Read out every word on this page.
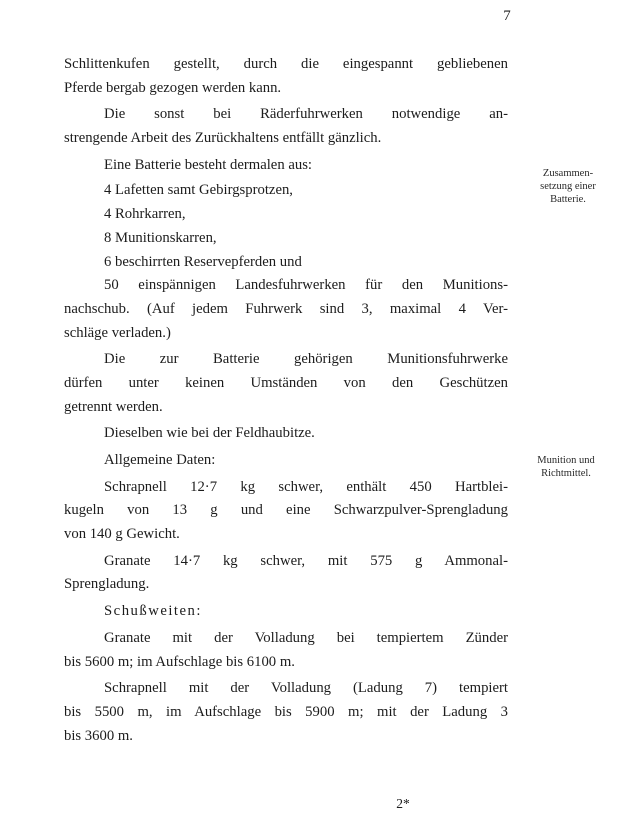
7
Schlittenkufen gestellt, durch die eingespannt gebliebenen
Pferde bergab gezogen werden kann.
Die sonst bei Räderfuhrwerken notwendige an-
strengende Arbeit des Zurückhaltens entfällt gänzlich.
Eine Batterie besteht dermalen aus:
4 Lafetten samt Gebirgsprotzen,
4 Rohrkarren,
8 Munitionskarren,
6 beschirrten Reservepferden und
50 einspännigen Landesfuhrwerken für den Munitions-
nachschub. (Auf jedem Fuhrwerk sind 3, maximal 4 Ver-
schläge verladen.)
Die zur Batterie gehörigen Munitionsfuhrwerke
dürfen unter keinen Umständen von den Geschützen
getrennt werden.
Dieselben wie bei der Feldhaubitze.
Allgemeine Daten:
Schrapnell 12·7 kg schwer, enthält 450 Hartblei-
kugeln von 13 g und eine Schwarzpulver-Sprengladung
von 140 g Gewicht.
Granate 14·7 kg schwer, mit 575 g Ammonal-
Sprengladung.
Schußweiten:
Granate mit der Volladung bei tempiertem Zünder
bis 5600 m; im Aufschlage bis 6100 m.
Schrapnell mit der Volladung (Ladung 7) tempiert
bis 5500 m, im Aufschlage bis 5900 m; mit der Ladung 3
bis 3600 m.
Zusammen-
setzung einer
Batterie.
Munition und
Richtmittel.
2*
